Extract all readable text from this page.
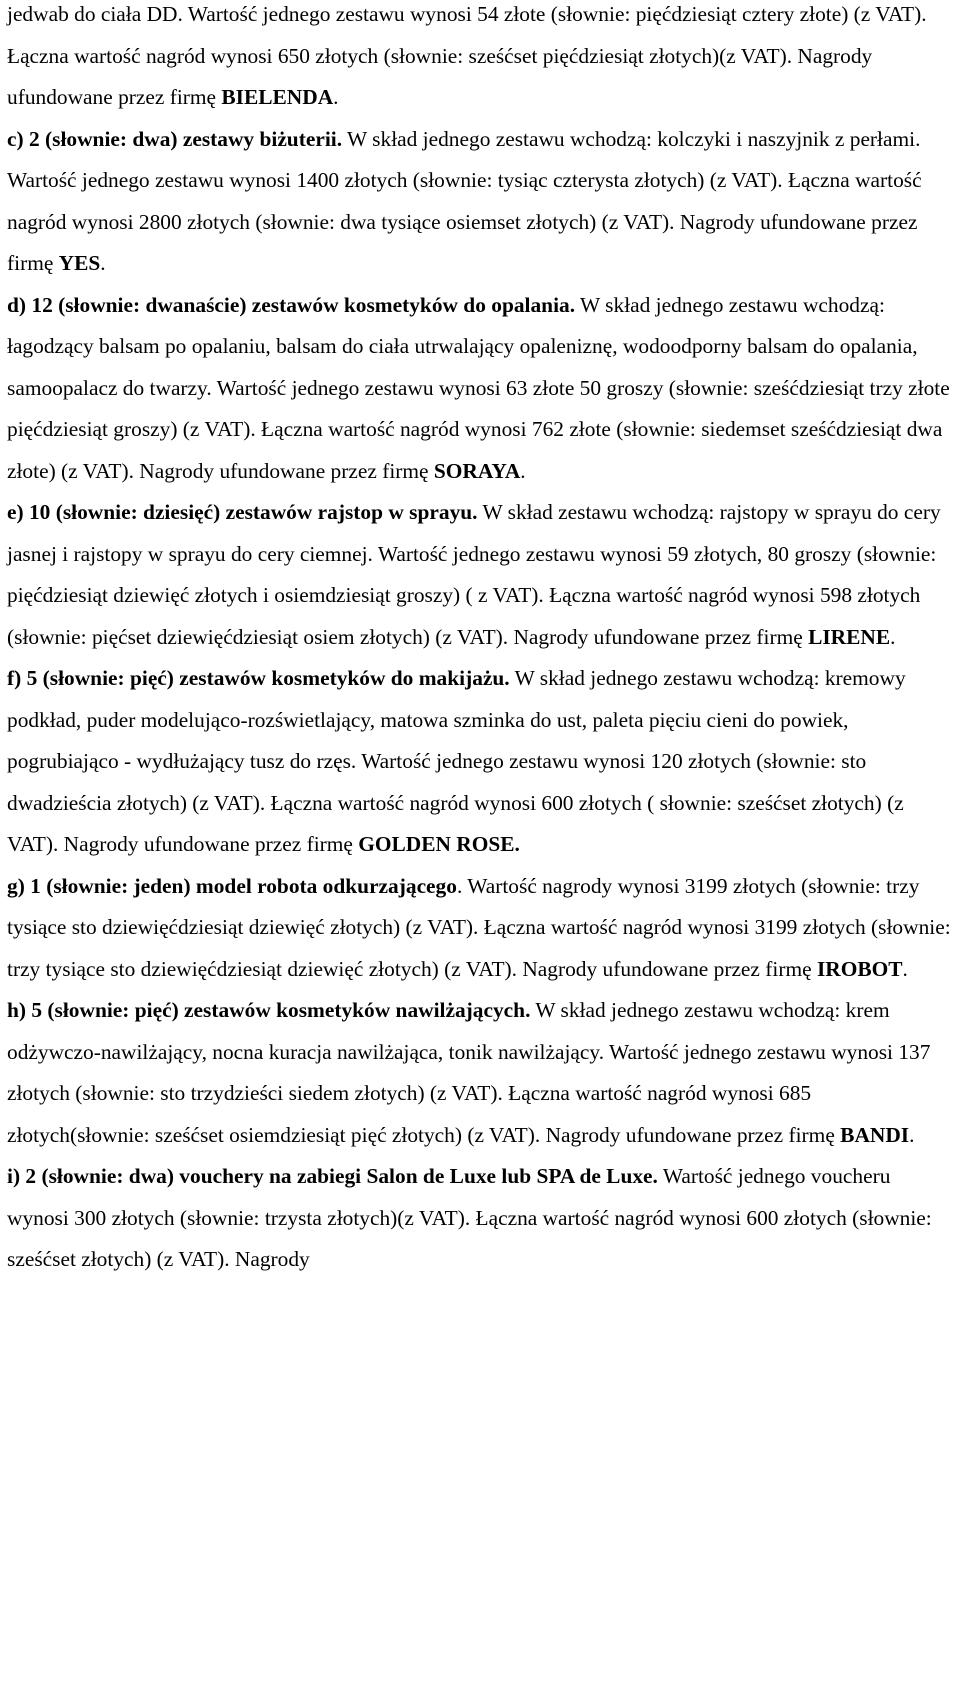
jedwab do ciała DD. Wartość jednego zestawu wynosi 54 złote (słownie: pięćdziesiąt cztery złote) (z VAT). Łączna wartość nagród wynosi 650 złotych (słownie: sześćset pięćdziesiąt złotych)(z VAT). Nagrody ufundowane przez firmę BIELENDA.

c) 2 (słownie: dwa) zestawy biżuterii. W skład jednego zestawu wchodzą: kolczyki i naszyjnik z perłami. Wartość jednego zestawu wynosi 1400 złotych (słownie: tysiąc czterysta złotych) (z VAT). Łączna wartość nagród wynosi 2800 złotych (słownie: dwa tysiące osiemset złotych) (z VAT). Nagrody ufundowane przez firmę YES.

d) 12 (słownie: dwanaście) zestawów kosmetyków do opalania. W skład jednego zestawu wchodzą: łagodzący balsam po opalaniu, balsam do ciała utrwalający opaleniznę, wodoodporny balsam do opalania, samoopalacz do twarzy. Wartość jednego zestawu wynosi 63 złote 50 groszy (słownie: sześćdziesiąt trzy złote pięćdziesiąt groszy) (z VAT). Łączna wartość nagród wynosi 762 złote (słownie: siedemset sześćdziesiąt dwa złote) (z VAT). Nagrody ufundowane przez firmę SORAYA.

e) 10 (słownie: dziesięć) zestawów rajstop w sprayu. W skład zestawu wchodzą: rajstopy w sprayu do cery jasnej i rajstopy w sprayu do cery ciemnej. Wartość jednego zestawu wynosi 59 złotych, 80 groszy (słownie: pięćdziesiąt dziewięć złotych i osiemdziesiąt groszy) ( z VAT). Łączna wartość nagród wynosi 598 złotych (słownie: pięćset dziewięćdziesiąt osiem złotych) (z VAT). Nagrody ufundowane przez firmę LIRENE.

f) 5 (słownie: pięć) zestawów kosmetyków do makijażu. W skład jednego zestawu wchodzą: kremowy podkład, puder modelująco-rozświetlający, matowa szminka do ust, paleta pięciu cieni do powiek, pogrubiająco - wydłużający tusz do rzęs. Wartość jednego zestawu wynosi 120 złotych (słownie: sto dwadzieścia złotych) (z VAT). Łączna wartość nagród wynosi 600 złotych ( słownie: sześćset złotych) (z VAT). Nagrody ufundowane przez firmę GOLDEN ROSE.

g) 1 (słownie: jeden) model robota odkurzającego. Wartość nagrody wynosi 3199 złotych (słownie: trzy tysiące sto dziewięćdziesiąt dziewięć złotych) (z VAT). Łączna wartość nagród wynosi 3199 złotych (słownie: trzy tysiące sto dziewięćdziesiąt dziewięć złotych) (z VAT). Nagrody ufundowane przez firmę IROBOT.

h) 5 (słownie: pięć) zestawów kosmetyków nawilżających. W skład jednego zestawu wchodzą: krem odżywczo-nawilżający, nocna kuracja nawilżająca, tonik nawilżający. Wartość jednego zestawu wynosi 137 złotych (słownie: sto trzydzieści siedem złotych) (z VAT). Łączna wartość nagród wynosi 685 złotych(słownie: sześćset osiemdziesiąt pięć złotych) (z VAT). Nagrody ufundowane przez firmę BANDI.

i) 2 (słownie: dwa) vouchery na zabiegi Salon de Luxe lub SPA de Luxe. Wartość jednego voucheru wynosi 300 złotych (słownie: trzysta złotych)(z VAT). Łączna wartość nagród wynosi 600 złotych (słownie: sześćset złotych) (z VAT). Nagrody
